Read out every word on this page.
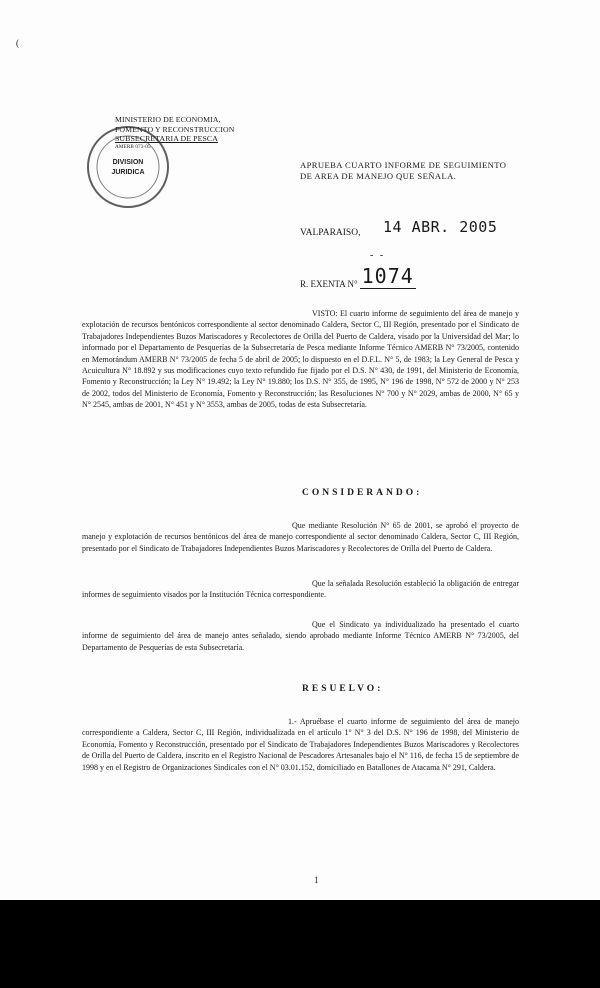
(
MINISTERIO DE ECONOMIA,
FOMENTO Y RECONSTRUCCION
SUBSECRETARIA DE PESCA
AMERB 073-05
DIVISION
JURIDICA
APRUEBA CUARTO INFORME DE SEGUIMIENTO
DE AREA DE MANEJO QUE SEÑALA.
VALPARAISO, 14 ABR. 2005
- -
R. EXENTA N° 1074
VISTO: El cuarto informe de seguimiento del área de manejo y explotación de recursos bentónicos correspondiente al sector denominado Caldera, Sector C, III Región, presentado por el Sindicato de Trabajadores Independientes Buzos Mariscadores y Recolectores de Orilla del Puerto de Caldera, visado por la Universidad del Mar; lo informado por el Departamento de Pesquerías de la Subsecretaría de Pesca mediante Informe Técnico AMERB N° 73/2005, contenido en Memorándum AMERB N° 73/2005 de fecha 5 de abril de 2005; lo dispuesto en el D.F.L. N° 5, de 1983; la Ley General de Pesca y Acuicultura N° 18.892 y sus modificaciones cuyo texto refundido fue fijado por el D.S. N° 430, de 1991, del Ministerio de Economía, Fomento y Reconstrucción; la Ley N° 19.492; la Ley N° 19.880; los D.S. N° 355, de 1995, N° 196 de 1998, N° 572 de 2000 y N° 253 de 2002, todos del Ministerio de Economía, Fomento y Reconstrucción; las Resoluciones N° 700 y N° 2029, ambas de 2000, N° 65 y N° 2545, ambas de 2001, N° 451 y N° 3553, ambas de 2005, todas de esta Subsecretaría.
CONSIDERANDO:
Que mediante Resolución N° 65 de 2001, se aprobó el proyecto de manejo y explotación de recursos bentónicos del área de manejo correspondiente al sector denominado Caldera, Sector C, III Región, presentado por el Sindicato de Trabajadores Independientes Buzos Mariscadores y Recolectores de Orilla del Puerto de Caldera.
Que la señalada Resolución estableció la obligación de entregar informes de seguimiento visados por la Institución Técnica correspondiente.
Que el Sindicato ya individualizado ha presentado el cuarto informe de seguimiento del área de manejo antes señalado, siendo aprobado mediante Informe Técnico AMERB N° 73/2005, del Departamento de Pesquerías de esta Subsecretaría.
RESUELVO:
1.- Apruébase el cuarto informe de seguimiento del área de manejo correspondiente a Caldera, Sector C, III Región, individualizada en el artículo 1° N° 3 del D.S. N° 196 de 1998, del Ministerio de Economía, Fomento y Reconstrucción, presentado por el Sindicato de Trabajadores Independientes Buzos Mariscadores y Recolectores de Orilla del Puerto de Caldera, inscrito en el Registro Nacional de Pescadores Artesanales bajo el N° 116, de fecha 15 de septiembre de 1998 y en el Registro de Organizaciones Sindicales con el N° 03.01.152, domiciliado en Batallones de Atacama N° 291, Caldera.
1
